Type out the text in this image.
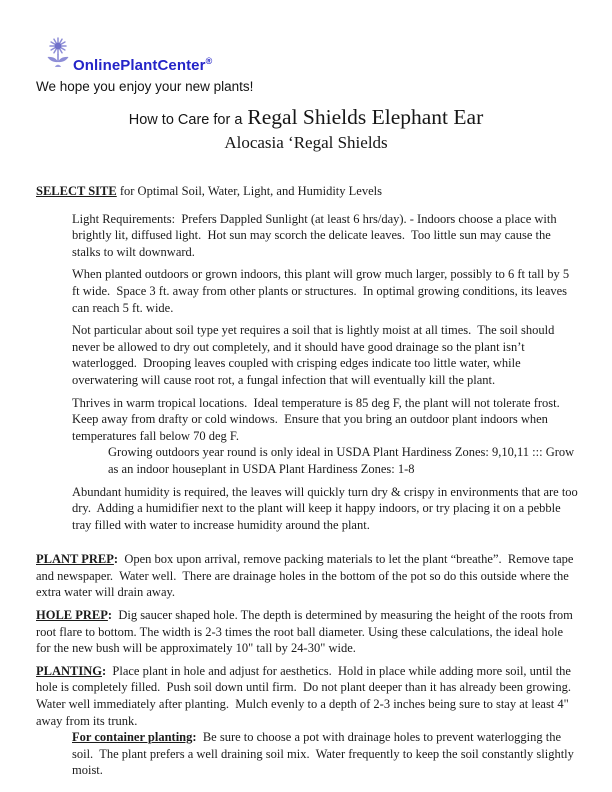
OnlinePlantCenter®
We hope you enjoy your new plants!
How to Care for a Regal Shields Elephant Ear
Alocasia ‘Regal Shields

SELECT SITE for Optimal Soil, Water, Light, and Humidity Levels

Light Requirements:  Prefers Dappled Sunlight (at least 6 hrs/day). - Indoors choose a place with brightly lit, diffused light.  Hot sun may scorch the delicate leaves.  Too little sun may cause the stalks to wilt downward.

When planted outdoors or grown indoors, this plant will grow much larger, possibly to 6 ft tall by 5 ft wide.  Space 3 ft. away from other plants or structures.  In optimal growing conditions, its leaves can reach 5 ft. wide.

Not particular about soil type yet requires a soil that is lightly moist at all times.  The soil should never be allowed to dry out completely, and it should have good drainage so the plant isn’t waterlogged.  Drooping leaves coupled with crisping edges indicate too little water, while overwatering will cause root rot, a fungal infection that will eventually kill the plant.

Thrives in warm tropical locations.  Ideal temperature is 85 deg F, the plant will not tolerate frost. Keep away from drafty or cold windows.  Ensure that you bring an outdoor plant indoors when temperatures fall below 70 deg F.

Growing outdoors year round is only ideal in USDA Plant Hardiness Zones: 9,10,11 ::: Grow as an indoor houseplant in USDA Plant Hardiness Zones: 1-8

Abundant humidity is required, the leaves will quickly turn dry & crispy in environments that are too dry.  Adding a humidifier next to the plant will keep it happy indoors, or try placing it on a pebble tray filled with water to increase humidity around the plant.

PLANT PREP:  Open box upon arrival, remove packing materials to let the plant “breathe”.  Remove tape and newspaper.  Water well.  There are drainage holes in the bottom of the pot so do this outside where the extra water will drain away.

HOLE PREP:  Dig saucer shaped hole. The depth is determined by measuring the height of the roots from root flare to bottom. The width is 2-3 times the root ball diameter. Using these calculations, the ideal hole for the new bush will be approximately 10" tall by 24-30" wide.

PLANTING:  Place plant in hole and adjust for aesthetics.  Hold in place while adding more soil, until the hole is completely filled.  Push soil down until firm.  Do not plant deeper than it has already been growing. Water well immediately after planting.  Mulch evenly to a depth of 2-3 inches being sure to stay at least 4" away from its trunk.

For container planting:  Be sure to choose a pot with drainage holes to prevent waterlogging the soil.  The plant prefers a well draining soil mix.  Water frequently to keep the soil constantly slightly moist.
